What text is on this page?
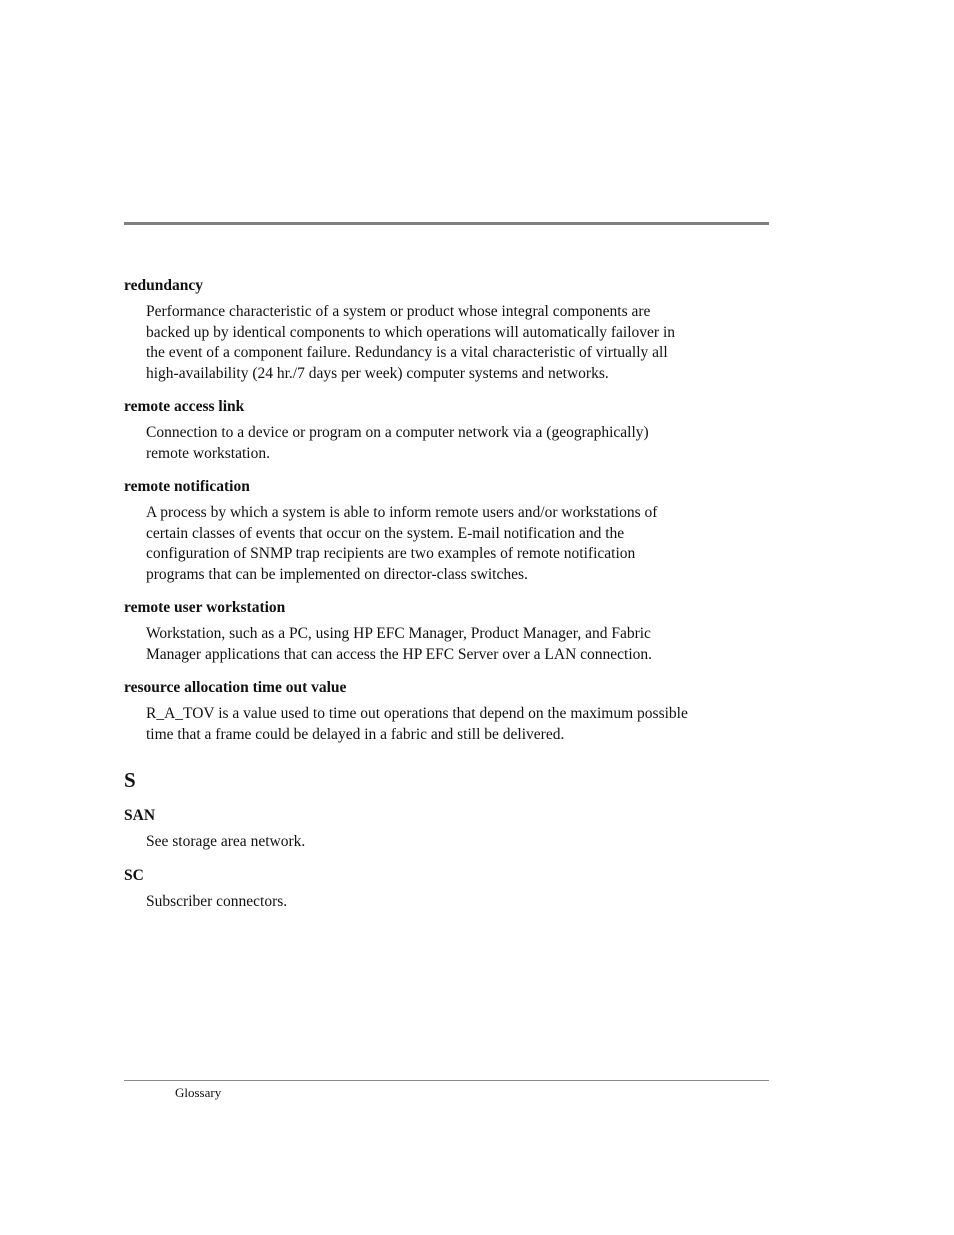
redundancy

Performance characteristic of a system or product whose integral components are
backed up by identical components to which operations will automatically failover in
the event of a component failure. Redundancy is a vital characteristic of virtually all
high-availability (24 hr./7 days per week) computer systems and networks.

remote access link

Connection to a device or program on a computer network via a (geographically)
remote workstation.

remote notification

A process by which a system is able to inform remote users and/or workstations of
certain classes of events that occur on the system. E-mail notification and the
configuration of SNMP trap recipients are two examples of remote notification
programs that can be implemented on director-class switches.

remote user workstation

Workstation, such as a PC, using HP EFC Manager, Product Manager, and Fabric
Manager applications that can access the HP EFC Server over a LAN connection.

resource allocation time out value

R_A_TOV is a value used to time out operations that depend on the maximum possible
time that a frame could be delayed in a fabric and still be delivered.

S

SAN

See storage area network.

SC

Subscriber connectors.
Glossary
